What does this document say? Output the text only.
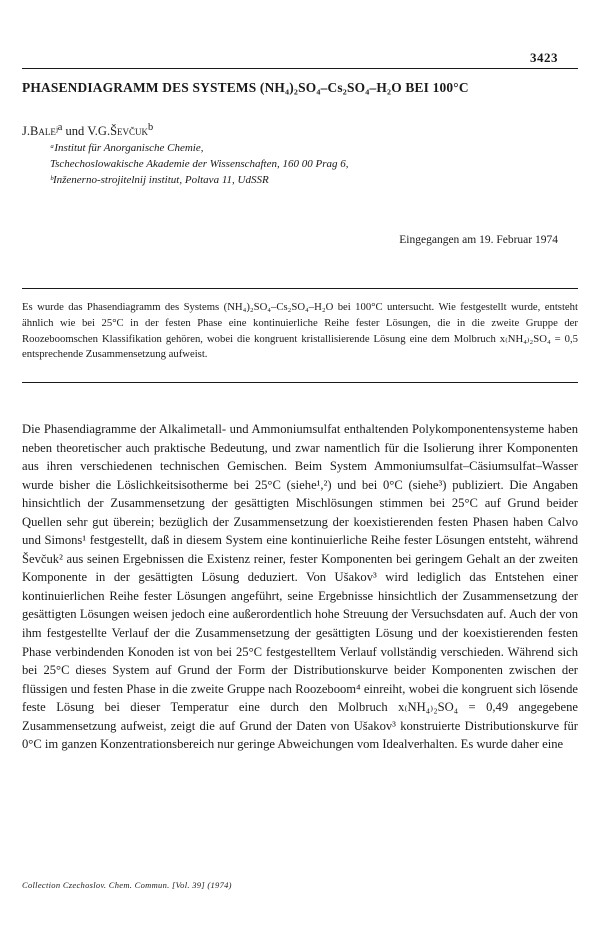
3423
PHASENDIAGRAMM DES SYSTEMS (NH₄)₂SO₄–Cs₂SO₄–H₂O BEI 100°C
J.Baleʲ$^a$ und V.G.Ševčuk$^b$
ᵃInstitut für Anorganische Chemie,
Tschechoslowakische Akademie der Wissenschaften, 160 00 Prag 6,
ᵇInženerno-strojitelnij institut, Poltava 11, UdSSR
Eingegangen am 19. Februar 1974
Es wurde das Phasendiagramm des Systems (NH₄)₂SO₄–Cs₂SO₄–H₂O bei 100°C untersucht. Wie festgestellt wurde, entsteht ähnlich wie bei 25°C in der festen Phase eine kontinuierliche Reihe fester Lösungen, die in die zweite Gruppe der Roozeboomschen Klassifikation gehören, wobei die kongruent kristallisierende Lösung eine dem Molbruch x₍NH₄₎₂SO₄ = 0,5 entsprechende Zusammensetzung aufweist.

Die Phasendiagramme der Alkalimetall- und Ammoniumsulfat enthaltenden Polykomponentensysteme haben neben theoretischer auch praktische Bedeutung, und zwar namentlich für die Isolierung ihrer Komponenten aus ihren verschiedenen technischen Gemischen. Beim System Ammoniumsulfat–Cäsiumsulfat–Wasser wurde bisher die Löslichkeitsisotherme bei 25°C (siehe¹,²) und bei 0°C (siehe³) publiziert. Die Angaben hinsichtlich der Zusammensetzung der gesättigten Mischlösungen stimmen bei 25°C auf Grund beider Quellen sehr gut überein; bezüglich der Zusammensetzung der koexistierenden festen Phasen haben Calvo und Simons¹ festgestellt, daß in diesem System eine kontinuierliche Reihe fester Lösungen entsteht, während Ševčuk² aus seinen Ergebnissen die Existenz reiner, fester Komponenten bei geringem Gehalt an der zweiten Komponente in der gesättigten Lösung deduziert. Von Ušakov³ wird lediglich das Entstehen einer kontinuierlichen Reihe fester Lösungen angeführt, seine Ergebnisse hinsichtlich der Zusammensetzung der gesättigten Lösungen weisen jedoch eine außerordentlich hohe Streuung der Versuchsdaten auf. Auch der von ihm festgestellte Verlauf der die Zusammensetzung der gesättigten Lösung und der koexistierenden festen Phase verbindenden Konoden ist von bei 25°C festgestelltem Verlauf vollständig verschieden. Während sich bei 25°C dieses System auf Grund der Form der Distributionskurve beider Komponenten zwischen der flüssigen und festen Phase in die zweite Gruppe nach Roozeboom⁴ einreiht, wobei die kongruent sich lösende feste Lösung bei dieser Temperatur eine durch den Molbruch x₍NH₄₎₂SO₄ = 0,49 angegebene Zusammensetzung aufweist, zeigt die auf Grund der Daten von Ušakov³ konstruierte Distributionskurve für 0°C im ganzen Konzentrationsbereich nur geringe Abweichungen vom Idealverhalten. Es wurde daher eine

Collection Czechoslov. Chem. Commun. [Vol. 39] (1974)
